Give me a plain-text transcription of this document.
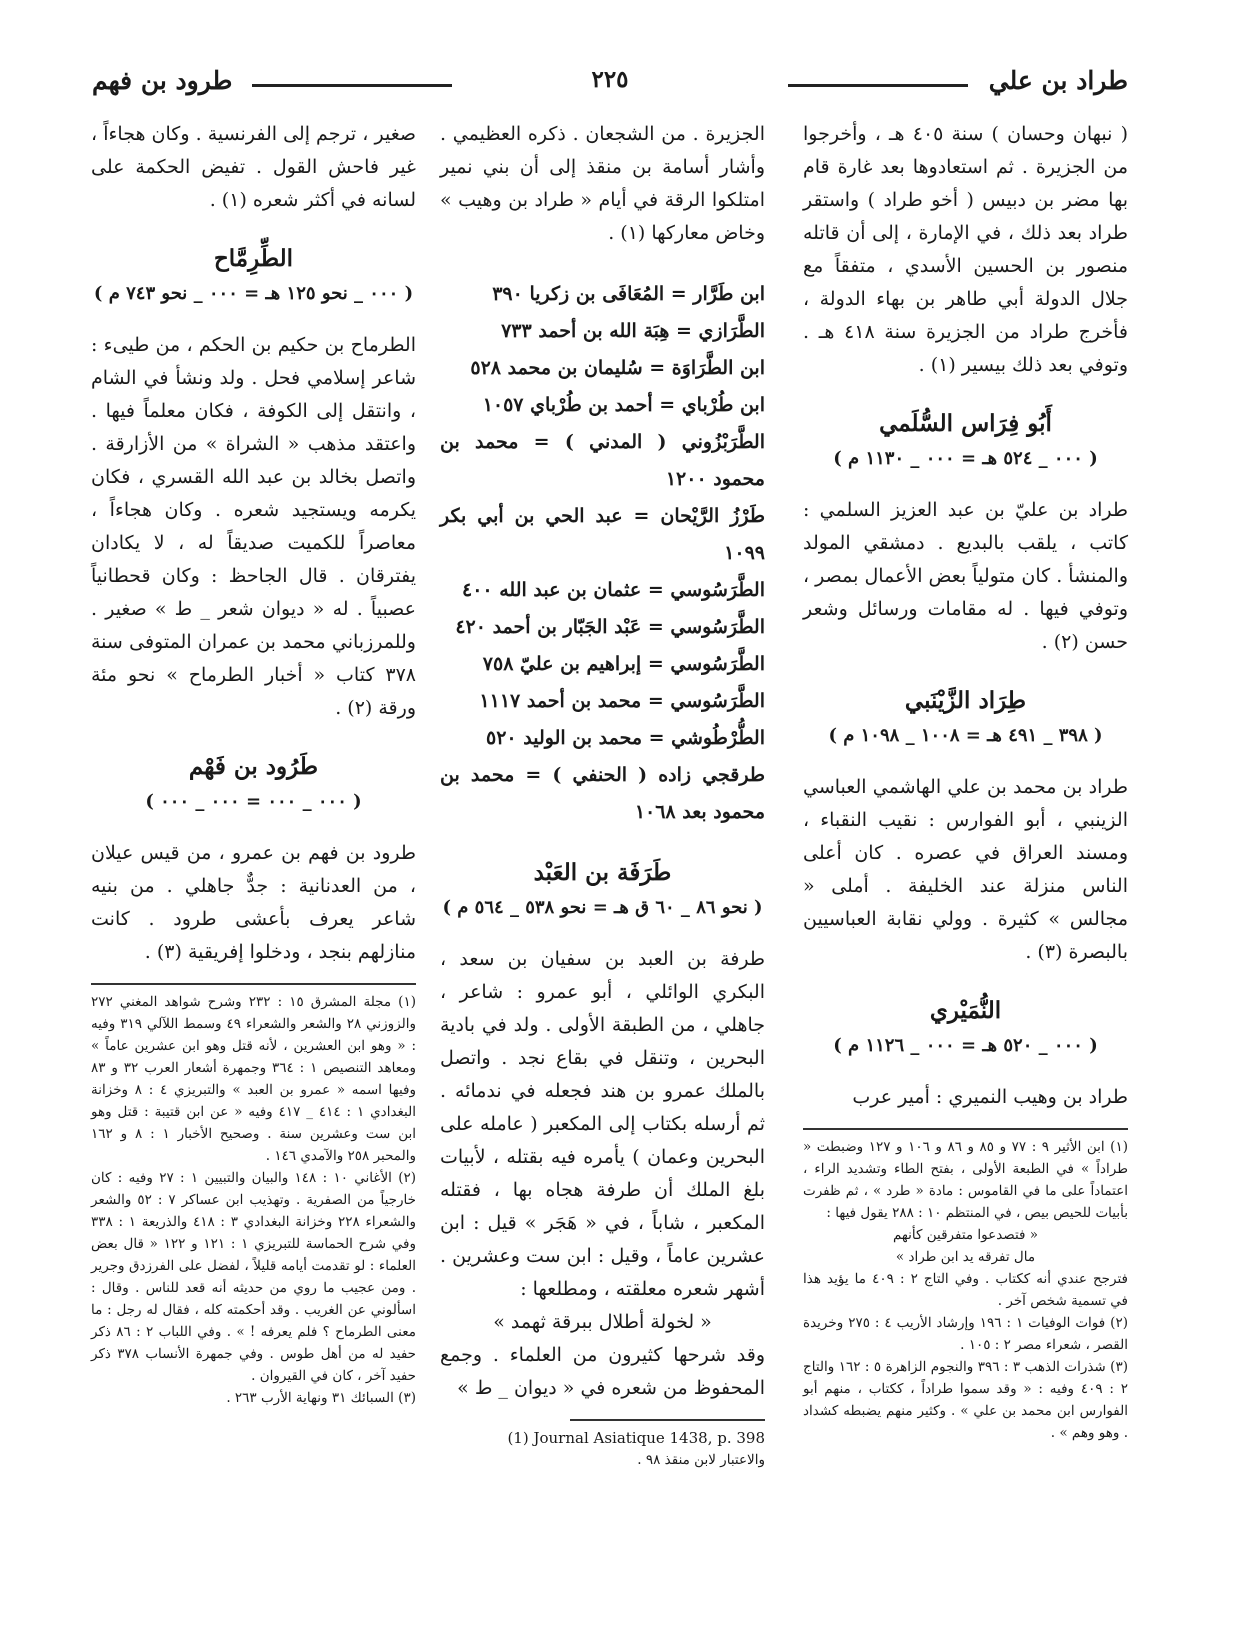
طراد بن علي
٢٢٥
طرود بن فهم

( نبهان وحسان ) سنة ٤٠٥ هـ ، وأخرجوا من الجزيرة . ثم استعادوها بعد غارة قام بها مضر بن دبيس ( أخو طراد ) واستقر طراد بعد ذلك ، في الإمارة ، إلى أن قاتله منصور بن الحسين الأسدي ، متفقاً مع جلال الدولة أبي طاهر بن بهاء الدولة ، فأخرج طراد من الجزيرة سنة ٤١٨ هـ . وتوفي بعد ذلك بيسير (١) .

أَبُو فِرَاس السُّلَمي
( ٠٠٠ _ ٥٢٤ هـ = ٠٠٠ _ ١١٣٠ م )

طراد بن عليّ بن عبد العزيز السلمي : كاتب ، يلقب بالبديع . دمشقي المولد والمنشأ . كان متولياً بعض الأعمال بمصر ، وتوفي فيها . له مقامات ورسائل وشعر حسن (٢) .

طِرَاد الزَّيْنَبي
( ٣٩٨ _ ٤٩١ هـ = ١٠٠٨ _ ١٠٩٨ م )

طراد بن محمد بن علي الهاشمي العباسي الزينبي ، أبو الفوارس : نقيب النقباء ، ومسند العراق في عصره . كان أعلى الناس منزلة عند الخليفة . أملى « مجالس » كثيرة . وولي نقابة العباسيين بالبصرة (٣) .

النُّمَيْري
( ٠٠٠ _ ٥٢٠ هـ = ٠٠٠ _ ١١٢٦ م )

طراد بن وهيب النميري : أمير عرب

(١) ابن الأثير ٩ : ٧٧ و ٨٥ و ٨٦ و ١٠٦ و ١٢٧ وضبطت « طراداً » في الطبعة الأولى ، بفتح الطاء وتشديد الراء ، اعتماداً على ما في القاموس : مادة « طرد » ، ثم ظفرت بأبيات للحيص بيص ، في المنتظم ١٠ : ٢٨٨ يقول فيها :

« فتصدعوا متفرقين كأنهم

مال تفرقه يد ابن طراد »

فترجح عندي أنه ككتاب . وفي التاج ٢ : ٤٠٩ ما يؤيد هذا في تسمية شخص آخر .

(٢) فوات الوفيات ١ : ١٩٦ وإرشاد الأريب ٤ : ٢٧٥ وخريدة القصر ، شعراء مصر ٢ : ١٠٥ .

(٣) شذرات الذهب ٣ : ٣٩٦ والنجوم الزاهرة ٥ : ١٦٢ والتاج ٢ : ٤٠٩ وفيه : « وقد سموا طراداً ، ككتاب ، منهم أبو الفوارس ابن محمد بن علي » . وكثير منهم يضبطه كشداد . وهو وهم » .

الجزيرة . من الشجعان . ذكره العظيمي . وأشار أسامة بن منقذ إلى أن بني نمير امتلكوا الرقة في أيام « طراد بن وهيب » وخاض معاركها (١) .

ابن طَرَّار = المُعَافَى بن زكريا ٣٩٠

الطَّرَازي = هِبَة الله بن أحمد ٧٣٣

ابن الطَّرَاوَة = سُليمان بن محمد ٥٢٨

ابن طُرْباي = أحمد بن طُرْباي ١٠٥٧

الطَّرَبْزُوني ( المدني ) = محمد بن محمود ١٢٠٠

طَرْزُ الرَّيْحان = عبد الحي بن أبي بكر ١٠٩٩

الطَّرَسُوسي = عثمان بن عبد الله ٤٠٠

الطَّرَسُوسي = عَبْد الجَبّار بن أحمد ٤٢٠

الطَّرَسُوسي = إبراهيم بن عليّ ٧٥٨

الطَّرَسُوسي = محمد بن أحمد ١١١٧

الطُّرْطُوشي = محمد بن الوليد ٥٢٠

طرقجي زاده ( الحنفي ) = محمد بن محمود بعد ١٠٦٨

طَرَفَة بن العَبْد
( نحو ٨٦ _ ٦٠ ق هـ = نحو ٥٣٨ _ ٥٦٤ م )

طرفة بن العبد بن سفيان بن سعد ، البكري الوائلي ، أبو عمرو : شاعر ، جاهلي ، من الطبقة الأولى . ولد في بادية البحرين ، وتنقل في بقاع نجد . واتصل بالملك عمرو بن هند فجعله في ندمائه . ثم أرسله بكتاب إلى المكعبر ( عامله على البحرين وعمان ) يأمره فيه بقتله ، لأبيات بلغ الملك أن طرفة هجاه بها ، فقتله المكعبر ، شاباً ، في « هَجَر » قيل : ابن عشرين عاماً ، وقيل : ابن ست وعشرين . أشهر شعره معلقته ، ومطلعها :

« لخولة أطلال ببرقة ثهمد »

وقد شرحها كثيرون من العلماء . وجمع المحفوظ من شعره في « ديوان _ ط »

(1) Journal Asiatique 1438, p. 398

والاعتبار لابن منقذ ٩٨ .

صغير ، ترجم إلى الفرنسية . وكان هجاءاً ، غير فاحش القول . تفيض الحكمة على لسانه في أكثر شعره (١) .

الطِّرِمَّاح
( ٠٠٠ _ نحو ١٢٥ هـ = ٠٠٠ _ نحو ٧٤٣ م )

الطرماح بن حكيم بن الحكم ، من طيىء : شاعر إسلامي فحل . ولد ونشأ في الشام ، وانتقل إلى الكوفة ، فكان معلماً فيها . واعتقد مذهب « الشراة » من الأزارقة . واتصل بخالد بن عبد الله القسري ، فكان يكرمه ويستجيد شعره . وكان هجاءاً ، معاصراً للكميت صديقاً له ، لا يكادان يفترقان . قال الجاحظ : وكان قحطانياً عصبياً . له « ديوان شعر _ ط » صغير . وللمرزباني محمد بن عمران المتوفى سنة ٣٧٨ كتاب « أخبار الطرماح » نحو مئة ورقة (٢) .

طَرُود بن فَهْم
( ٠٠٠ _ ٠٠٠ = ٠٠٠ _ ٠٠٠ )

طرود بن فهم بن عمرو ، من قيس عيلان ، من العدنانية : جدٌّ جاهلي . من بنيه شاعر يعرف بأعشى طرود . كانت منازلهم بنجد ، ودخلوا إفريقية (٣) .

(١) مجلة المشرق ١٥ : ٢٣٢ وشرح شواهد المغني ٢٧٢ والزوزني ٢٨ والشعر والشعراء ٤٩ وسمط اللآلي ٣١٩ وفيه : « وهو ابن العشرين ، لأنه قتل وهو ابن عشرين عاماً » ومعاهد التنصيص ١ : ٣٦٤ وجمهرة أشعار العرب ٣٢ و ٨٣ وفيها اسمه « عمرو بن العبد » والتبريزي ٤ : ٨ وخزانة البغدادي ١ : ٤١٤ _ ٤١٧ وفيه « عن ابن قتيبة : قتل وهو ابن ست وعشرين سنة . وصحيح الأخبار ١ : ٨ و ١٦٢ والمحبر ٢٥٨ والآمدي ١٤٦ .

(٢) الأغاني ١٠ : ١٤٨ والبيان والتبيين ١ : ٢٧ وفيه : كان خارجياً من الصفرية . وتهذيب ابن عساكر ٧ : ٥٢ والشعر والشعراء ٢٢٨ وخزانة البغدادي ٣ : ٤١٨ والذريعة ١ : ٣٣٨ وفي شرح الحماسة للتبريزي ١ : ١٢١ و ١٢٢ « قال بعض العلماء : لو تقدمت أيامه قليلاً ، لفضل على الفرزدق وجرير . ومن عجيب ما روي من حديثه أنه قعد للناس . وقال : اسألوني عن الغريب . وقد أحكمته كله ، فقال له رجل : ما معنى الطرماح ؟ فلم يعرفه ! » . وفي اللباب ٢ : ٨٦ ذكر حفيد له من أهل طوس . وفي جمهرة الأنساب ٣٧٨ ذكر حفيد آخر ، كان في القيروان .

(٣) السبائك ٣١ ونهاية الأرب ٢٦٣ .
